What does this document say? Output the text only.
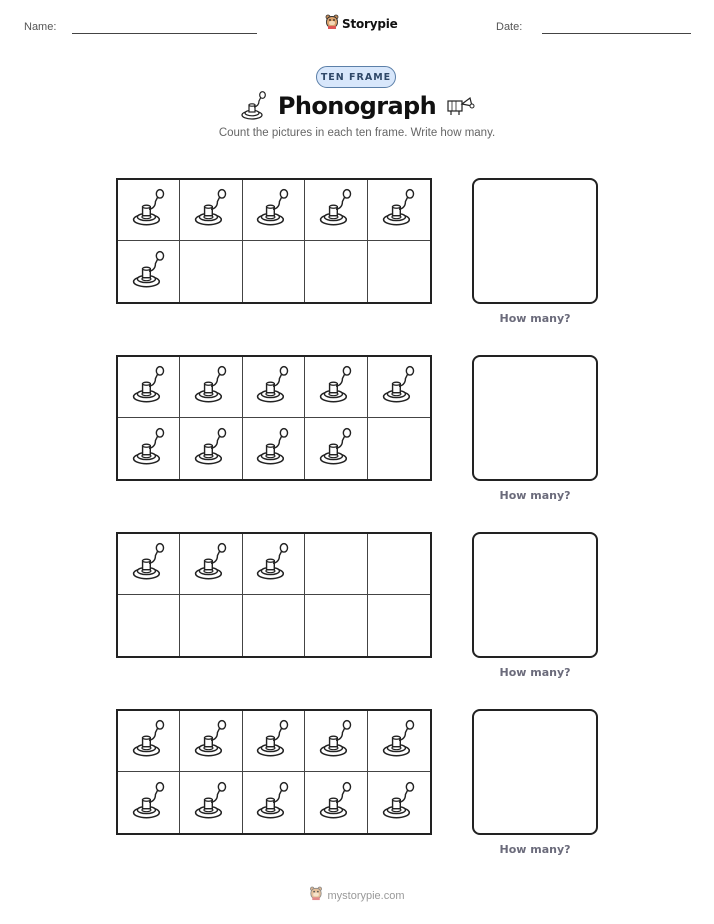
Name:	Storypie	Date:
TEN FRAME
Phonograph
Count the pictures in each ten frame. Write how many.
How many?
How many?
How many?
How many?
mystorypie.com
